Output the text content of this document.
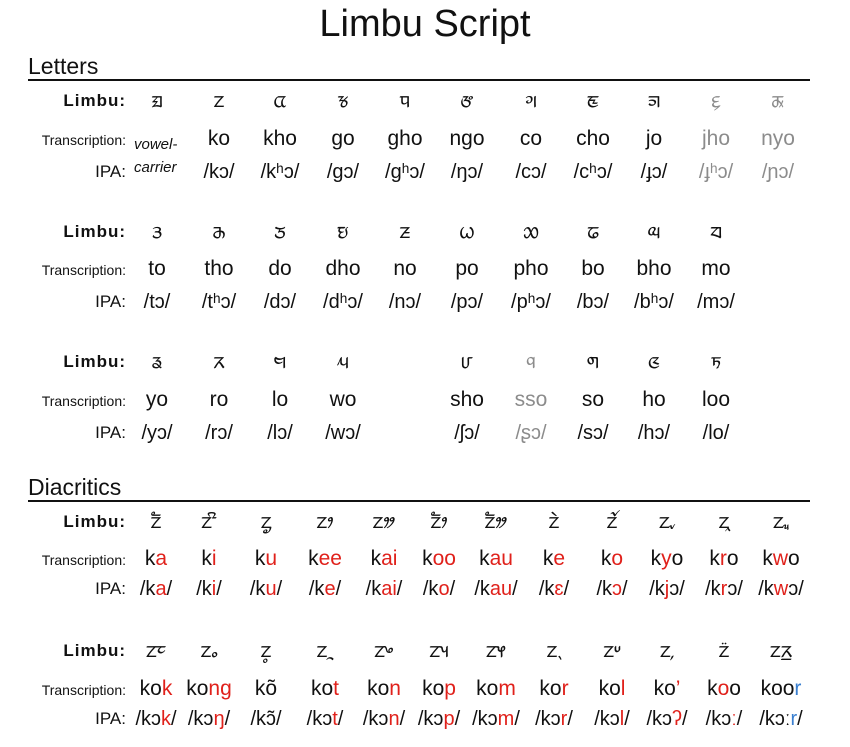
Limbu Script
Letters
Diacritics
vowel-
carrier
Limbu:
Transcription:
IPA:
ᤀ	ᤁ
ko
/kɔ/
ᤂ
kho
/kʰɔ/
ᤃ
go
/gɔ/
ᤄ
gho
/gʰɔ/
ᤅ
ngo
/ŋɔ/
ᤆ
co
/cɔ/
ᤇ
cho
/cʰɔ/
ᤈ
jo
/ɟɔ/
ᤉ
jho
/ɟʰɔ/
ᤊ
nyo
/ɲɔ/
Limbu:
Transcription:
IPA:
ᤋ
to
/tɔ/
ᤌ
tho
/tʰɔ/
ᤍ
do
/dɔ/
ᤎ
dho
/dʰɔ/
ᤏ
no
/nɔ/
ᤐ
po
/pɔ/
ᤑ
pho
/pʰɔ/
ᤒ
bo
/bɔ/
ᤓ
bho
/bʰɔ/
ᤔ
mo
/mɔ/
Limbu:
Transcription:
IPA:
ᤕ
yo
/yɔ/
ᤖ
ro
/rɔ/
ᤗ
lo
/lɔ/
ᤘ
wo
/wɔ/
ᤙ
sho
/ʃɔ/
ᤚ
sso
/ʂɔ/
ᤛ
so
/sɔ/
ᤜ
ho
/hɔ/
ᤝ
loo
/lo/
Limbu:
Transcription:
IPA:
ᤁᤠ
ka
/ka/
ᤁᤡ
ki
/ki/
ᤁᤢ
ku
/ku/
ᤁᤣ
kee
/ke/
ᤁᤤ
kai
/kai/
ᤁᤥ
koo
/ko/
ᤁᤦ
kau
/kau/
ᤁᤧ
ke
/kɛ/
ᤁᤨ
ko
/kɔ/
ᤁᤩ
kyo
/kjɔ/
ᤁᤪ
kro
/krɔ/
ᤁᤫ
kwo
/kwɔ/
Limbu:
Transcription:
IPA:
ᤁᤰ
kok
/kɔk/
ᤁᤱ
kong
/kɔŋ/
ᤁᤲ
kõ
/kɔ̃/
ᤁᤳ
kot
/kɔt/
ᤁᤴ
kon
/kɔn/
ᤁᤵ
kop
/kɔp/
ᤁᤶ
kom
/kɔm/
ᤁᤷ
kor
/kɔr/
ᤁᤸ
kol
/kɔl/
ᤁ᤹
ko’
/kɔʔ/
ᤁ᤺
koo
/kɔː/
ᤁᤖ᤻
koor
/kɔːr/
